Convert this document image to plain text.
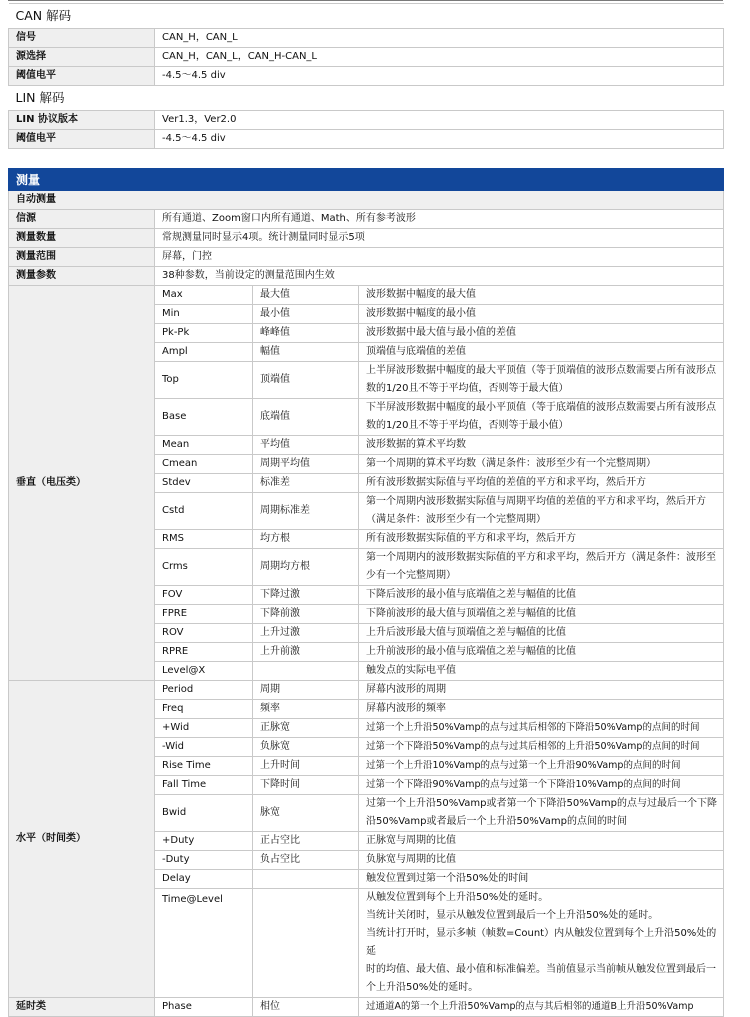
CAN 解码	
信号	CAN_H，CAN_L
源选择	CAN_H，CAN_L，CAN_H-CAN_L
阈值电平	-4.5～4.5 div
LIN 解码	
LIN 协议版本	Ver1.3，Ver2.0
阈值电平	-4.5～4.5 div
测量			
自动测量			
信源	所有通道、Zoom窗口内所有通道、Math、所有参考波形		
测量数量	常规测量同时显示4项。统计测量同时显示5项		
测量范围	屏幕，门控		
测量参数	38种参数，当前设定的测量范围内生效		
垂直（电压类）	Max	最大值	波形数据中幅度的最大值
	Min	最小值	波形数据中幅度的最小值
	Pk-Pk	峰峰值	波形数据中最大值与最小值的差值
	Ampl	幅值	顶端值与底端值的差值
	Top	顶端值	上半屏波形数据中幅度的最大平顶值（等于顶端值的波形点数需要占所有波形点
数的1/20且不等于平均值，否则等于最大值）

	Base	底端值	下半屏波形数据中幅度的最小平顶值（等于底端值的波形点数需要占所有波形点
数的1/20且不等于平均值，否则等于最小值）

	Mean	平均值	波形数据的算术平均数
	Cmean	周期平均值	第一个周期的算术平均数（满足条件：波形至少有一个完整周期）
	Stdev	标准差	所有波形数据实际值与平均值的差值的平方和求平均，然后开方
	Cstd	周期标准差	第一个周期内波形数据实际值与周期平均值的差值的平方和求平均，然后开方
（满足条件：波形至少有一个完整周期）

	RMS	均方根	所有波形数据实际值的平方和求平均，然后开方
	Crms	周期均方根	第一个周期内的波形数据实际值的平方和求平均，然后开方（满足条件：波形至
少有一个完整周期）

	FOV	下降过激	下降后波形的最小值与底端值之差与幅值的比值
	FPRE	下降前激	下降前波形的最大值与顶端值之差与幅值的比值
	ROV	上升过激	上升后波形最大值与顶端值之差与幅值的比值
	RPRE	上升前激	上升前波形的最小值与底端值之差与幅值的比值
	Level@X		触发点的实际电平值
水平（时间类）	Period	周期	屏幕内波形的周期
	Freq	频率	屏幕内波形的频率
	+Wid	正脉宽	过第一个上升沿50%Vamp的点与过其后相邻的下降沿50%Vamp的点间的时间
	-Wid	负脉宽	过第一个下降沿50%Vamp的点与过其后相邻的上升沿50%Vamp的点间的时间
	Rise Time	上升时间	过第一个上升沿10%Vamp的点与过第一个上升沿90%Vamp的点间的时间
	Fall Time	下降时间	过第一个下降沿90%Vamp的点与过第一个下降沿10%Vamp的点间的时间
	Bwid	脉宽	过第一个上升沿50%Vamp或者第一个下降沿50%Vamp的点与过最后一个下降
沿50%Vamp或者最后一个上升沿50%Vamp的点间的时间

	+Duty	正占空比	正脉宽与周期的比值
	-Duty	负占空比	负脉宽与周期的比值
	Delay		触发位置到过第一个沿50%处的时间
	Time@Level		从触发位置到每个上升沿50%处的延时。
当统计关闭时，显示从触发位置到最后一个上升沿50%处的延时。
当统计打开时，显示多帧（帧数=Count）内从触发位置到每个上升沿50%处的延
时的均值、最大值、最小值和标准偏差。当前值显示当前帧从触发位置到最后一
个上升沿50%处的延时。

延时类	Phase	相位	过通道A的第一个上升沿50%Vamp的点与其后相邻的通道B上升沿50%Vamp
